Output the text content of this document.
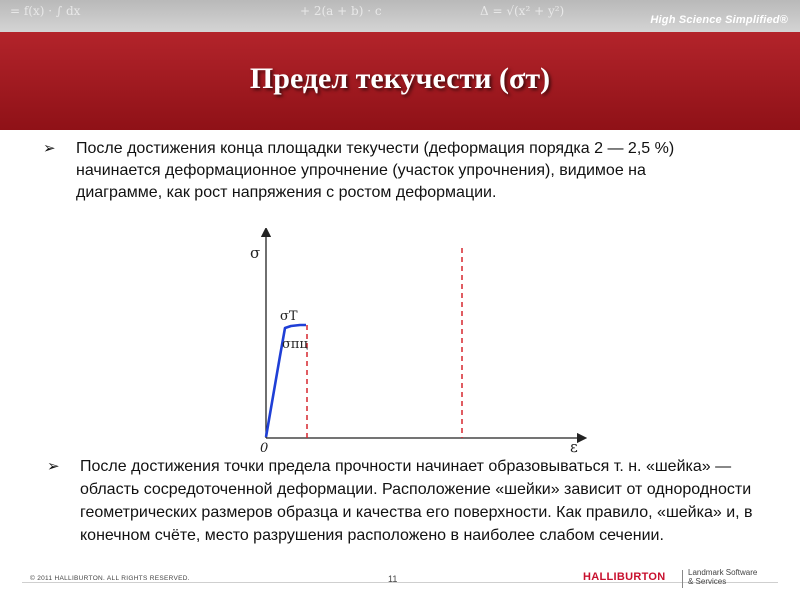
= f(x) · ∫ dx	+ 2(a + b) · c	Δ = √(x² + y²)
High Science Simplified®
Предел текучести (σт)
➢ После достижения конца площадки текучести (деформация порядка 2 — 2,5 %) начинается деформационное упрочнение (участок упрочнения), видимое на диаграмме, как рост напряжения с ростом деформации.
σ
ε
0
σT
σпц
➢ После достижения точки предела прочности начинает образовываться т. н. «шейка» — область сосредоточенной деформации. Расположение «шейки» зависит от однородности геометрических размеров образца и качества его поверхности. Как правило, «шейка» и, в конечном счёте, место разрушения расположено в наиболее слабом сечении.
© 2011 HALLIBURTON. ALL RIGHTS RESERVED.	11	HALLIBURTON	Landmark Software
& Services
